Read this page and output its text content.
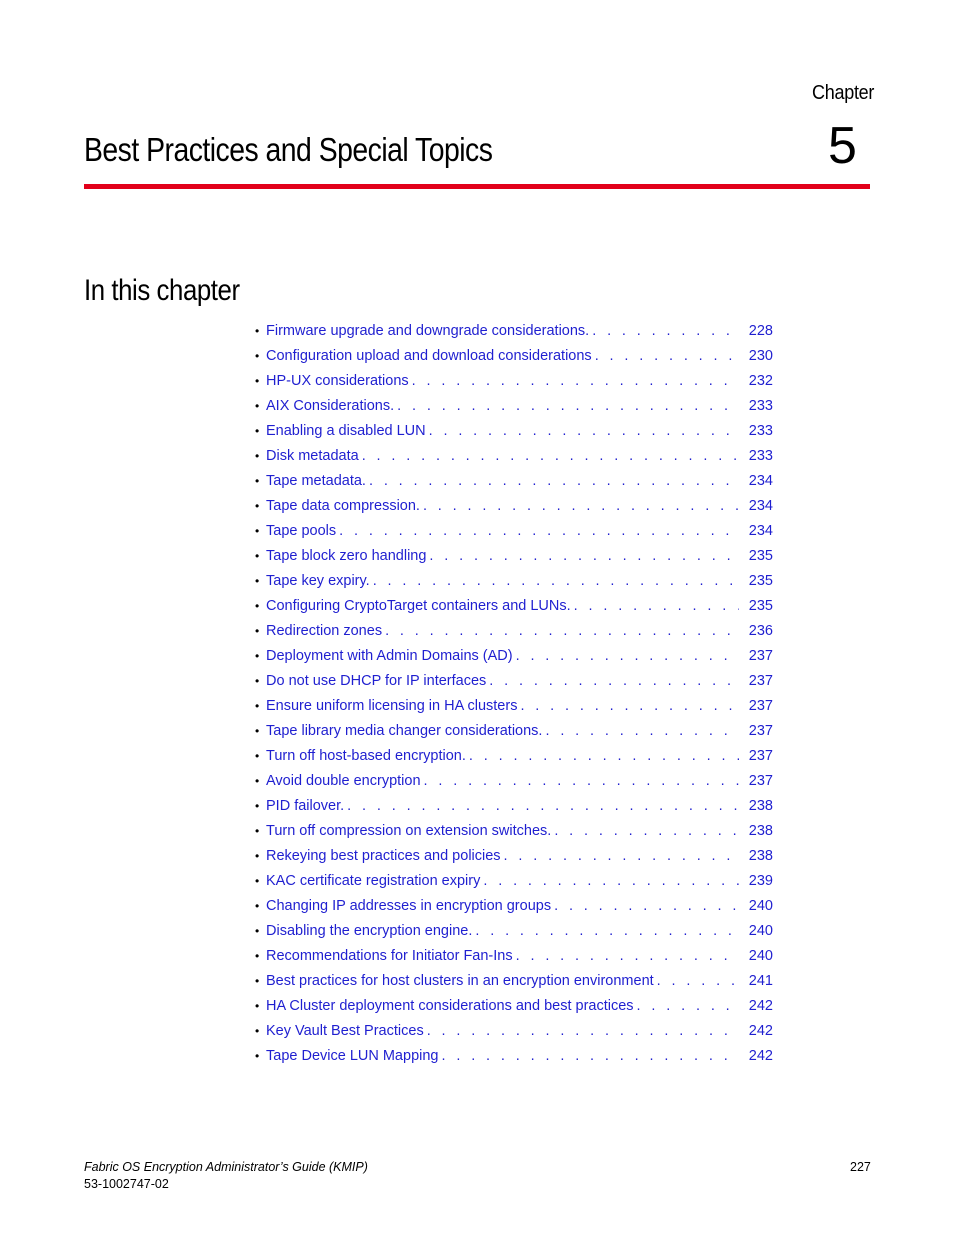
Chapter
5
Best Practices and Special Topics
In this chapter
• Firmware upgrade and downgrade considerations. . . .	228
• Configuration upload and download considerations . . .	230
• HP-UX considerations . . .	232
• AIX Considerations. . . .	233
• Enabling a disabled LUN . . .	233
• Disk metadata . . .	233
• Tape metadata. . . .	234
• Tape data compression. . . .	234
• Tape pools . . .	234
• Tape block zero handling . . .	235
• Tape key expiry. . . .	235
• Configuring CryptoTarget containers and LUNs. . . .	235
• Redirection zones . . .	236
• Deployment with Admin Domains (AD) . . .	237
• Do not use DHCP for IP interfaces . . .	237
• Ensure uniform licensing in HA clusters . . .	237
• Tape library media changer considerations. . . .	237
• Turn off host-based encryption. . . .	237
• Avoid double encryption . . .	237
• PID failover. . . .	238
• Turn off compression on extension switches. . . .	238
• Rekeying best practices and policies . . .	238
• KAC certificate registration expiry . . .	239
• Changing IP addresses in encryption groups . . .	240
• Disabling the encryption engine. . . .	240
• Recommendations for Initiator Fan-Ins . . .	240
• Best practices for host clusters in an encryption environment . . .	241
• HA Cluster deployment considerations and best practices . . .	242
• Key Vault Best Practices . . .	242
• Tape Device LUN Mapping . . .	242
Fabric OS Encryption Administrator’s Guide (KMIP)
53-1002747-02
227
